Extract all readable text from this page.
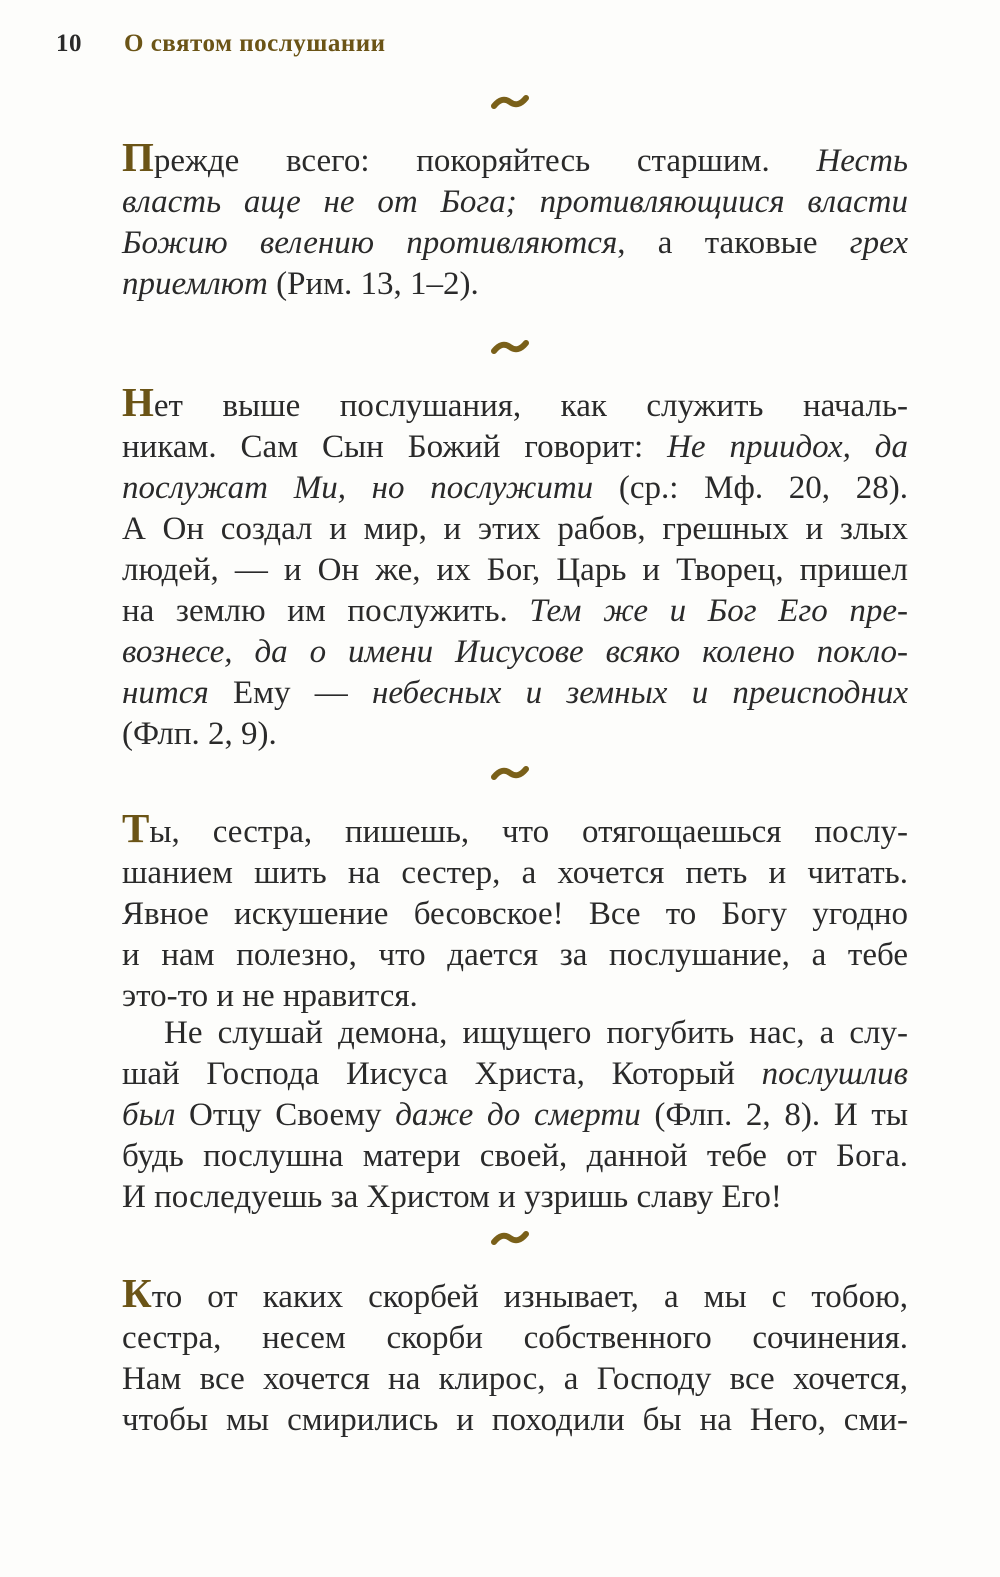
10 О святом послушании
Прежде всего: покоряйтесь старшим. Несть
власть аще не от Бога; противляющиися власти
Божию велению противляются, а таковые грех
приемлют (Рим. 13, 1–2).
Нет выше послушания, как служить началь-
никам. Сам Сын Божий говорит: Не приидох, да
послужат Ми, но послужити (ср.: Мф. 20, 28).
А Он создал и мир, и этих рабов, грешных и злых
людей, — и Он же, их Бог, Царь и Творец, пришел
на землю им послужить. Тем же и Бог Его пре-
вознесе, да о имени Иисусове всяко колено покло-
нится Ему — небесных и земных и преисподних
(Флп. 2, 9).
Ты, сестра, пишешь, что отягощаешься послу-
шанием шить на сестер, а хочется петь и читать.
Явное искушение бесовское! Все то Богу угодно
и нам полезно, что дается за послушание, а тебе
это-то и не нравится.
Не слушай демона, ищущего погубить нас, а слу-
шай Господа Иисуса Христа, Который послушлив
был Отцу Своему даже до смерти (Флп. 2, 8). И ты
будь послушна матери своей, данной тебе от Бога.
И последуешь за Христом и узришь славу Его!
Кто от каких скорбей изнывает, а мы с тобою,
сестра, несем скорби собственного сочинения.
Нам все хочется на клирос, а Господу все хочется,
чтобы мы смирились и походили бы на Него, сми-
